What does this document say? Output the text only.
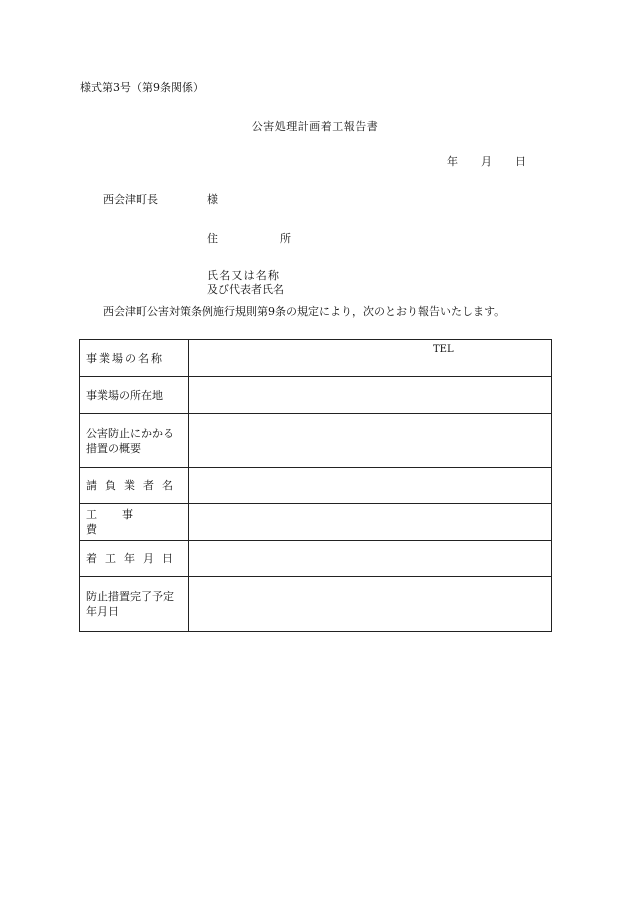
様式第3号（第9条関係）
公害処理計画着工報告書
年 月 日
西会津町長	様
住	所
氏名又は名称
及び代表者氏名
西会津町公害対策条例施行規則第9条の規定により，次のとおり報告いたします。
事業場の名称	TEL

事業場の所在地	
公害防止にかかる措置の概要	
請負業者名	
工事費	
着工年月日	
防止措置完了予定年月日	
